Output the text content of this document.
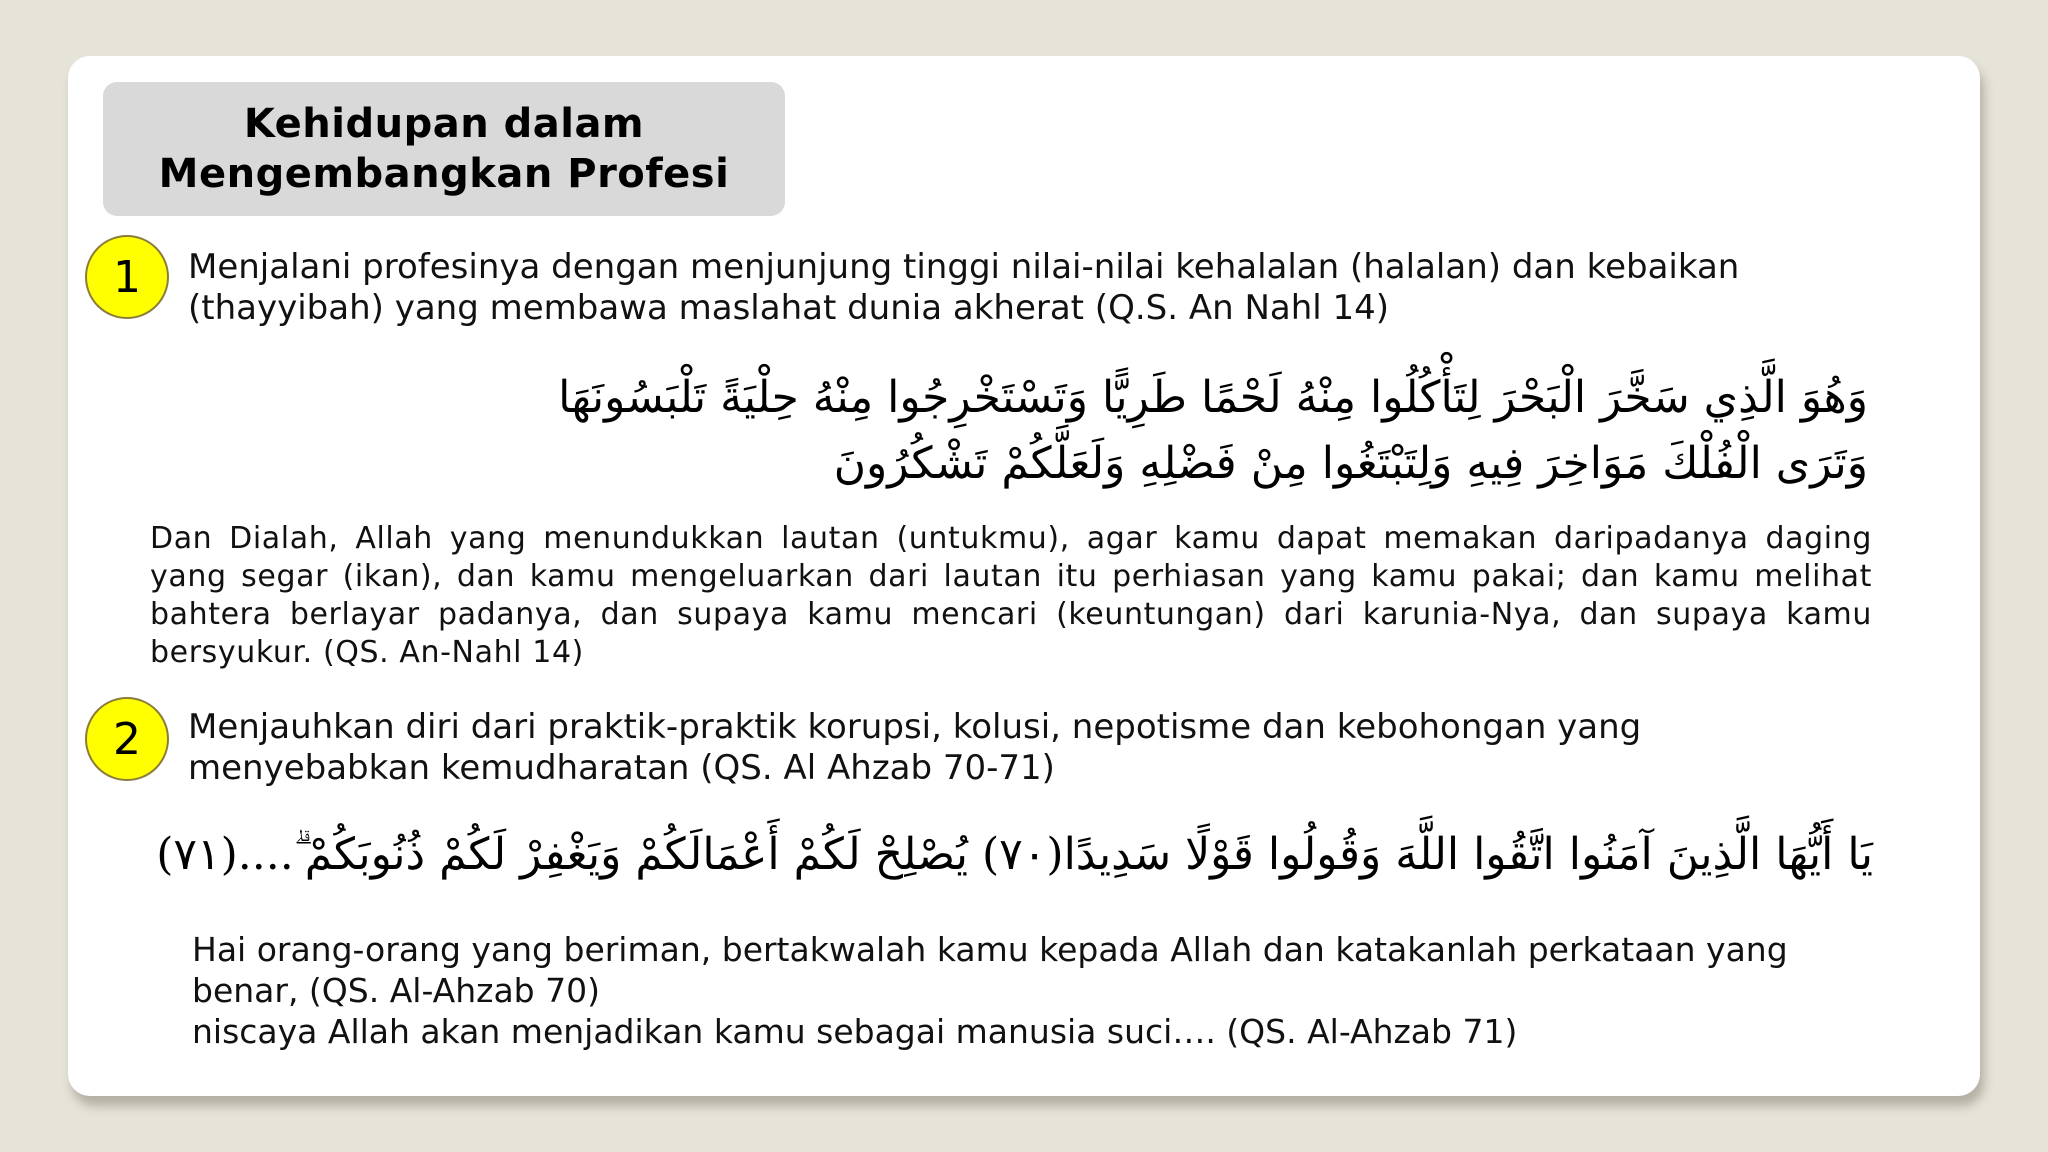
Kehidupan dalam
Mengembangkan Profesi
1	Menjalani profesinya dengan menjunjung tinggi nilai-nilai kehalalan (halalan) dan kebaikan
(thayyibah) yang membawa maslahat dunia akherat (Q.S. An Nahl 14)
وَهُوَ الَّذِي سَخَّرَ الْبَحْرَ لِتَأْكُلُوا مِنْهُ لَحْمًا طَرِيًّا وَتَسْتَخْرِجُوا مِنْهُ حِلْيَةً تَلْبَسُونَهَا
وَتَرَى الْفُلْكَ مَوَاخِرَ فِيهِ وَلِتَبْتَغُوا مِنْ فَضْلِهِ وَلَعَلَّكُمْ تَشْكُرُونَ
Dan Dialah, Allah yang menundukkan lautan (untukmu), agar kamu dapat memakan daripadanya daging yang segar (ikan), dan kamu mengeluarkan dari lautan itu perhiasan yang kamu pakai; dan kamu melihat bahtera berlayar padanya, dan supaya kamu mencari (keuntungan) dari karunia-Nya, dan supaya kamu bersyukur. (QS. An-Nahl 14)
2	Menjauhkan diri dari praktik-praktik korupsi, kolusi, nepotisme dan kebohongan yang
menyebabkan kemudharatan (QS. Al Ahzab 70-71)
يَا أَيُّهَا الَّذِينَ آمَنُوا اتَّقُوا اللَّهَ وَقُولُوا قَوْلًا سَدِيدًا(٧٠) يُصْلِحْ لَكُمْ أَعْمَالَكُمْ وَيَغْفِرْ لَكُمْ ذُنُوبَكُمْ ۗ....(٧١)
Hai orang-orang yang beriman, bertakwalah kamu kepada Allah dan katakanlah perkataan yang
benar, (QS. Al-Ahzab 70)
niscaya Allah akan menjadikan kamu sebagai manusia suci…. (QS. Al-Ahzab 71)
